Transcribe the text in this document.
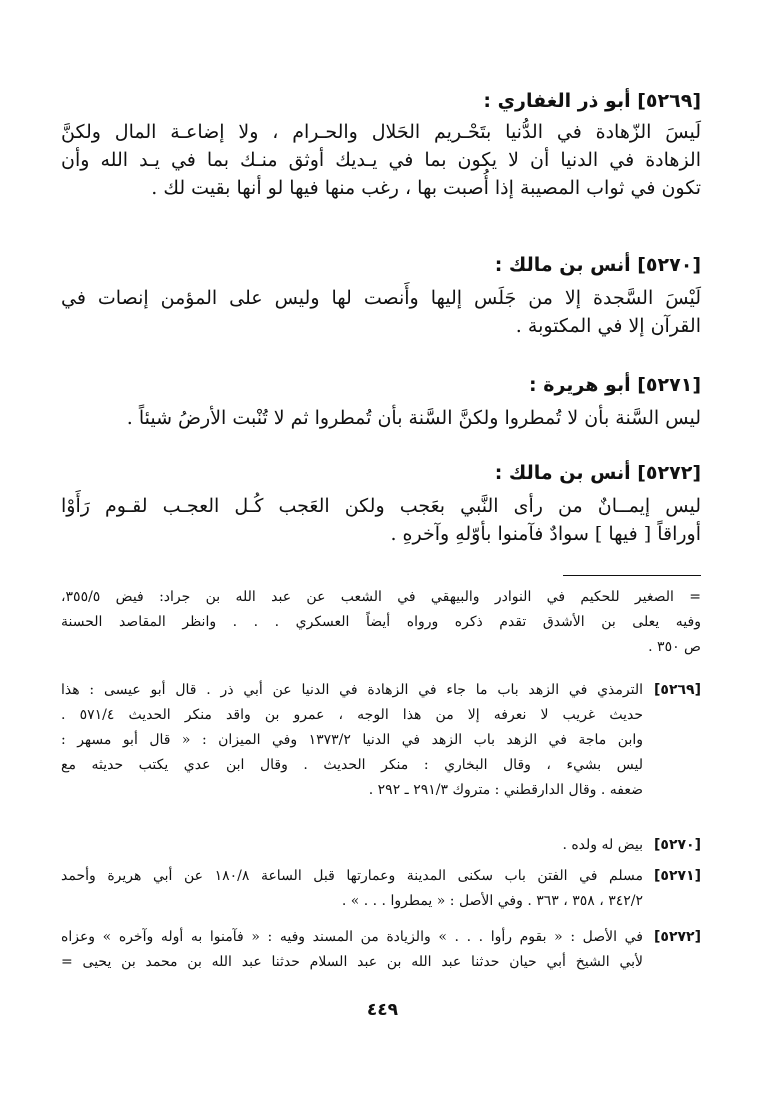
[٥٢٦٩] أبو ذر الغفاري :

لَيسَ الزّهادة في الدُّنيا بتَحْـريم الحَلال والحـرام ، ولا إضاعـة المال ولكنَّ

الزهادة في الدنيا أن لا يكون بما في يـديك أوثق منـك بما في يـد الله وأن

تكون في ثواب المصيبة إذا أُصبت بها ، رغب منها فيها لو أنها بقيت لك .

[٥٢٧٠] أنس بن مالك :

لَيْسَ السَّجدة إلا من جَلَس إليها وأَنصت لها وليس على المؤمن إنصات في

القرآن إلا في المكتوبة .

[٥٢٧١] أبو هريرة :

ليس السَّنة بأن لا تُمطروا ولكنَّ السَّنة بأن تُمطروا ثم لا تُنْبت الأرضُ شيئاً .

[٥٢٧٢] أنس بن مالك :

ليس إيمــانٌ من رأى النَّبي بعَجب ولكن العَجب كُـل العجـب لقـوم رَأَوْا

أوراقاً [ فيها ] سوادٌ فآمنوا بأوّلهِ وآخرهِ .

= الصغير للحكيم في النوادر والبيهقي في الشعب عن عبد الله بن جراد: فيض ٣٥٥/٥،

وفيه يعلى بن الأشدق تقدم ذكره ورواه أيضاً العسكري . . . وانظر المقاصد الحسنة

ص ٣٥٠ .

[٥٢٦٩]

الترمذي في الزهد باب ما جاء في الزهادة في الدنيا عن أبي ذر . قال أبو عيسى : هذا

حديث غريب لا نعرفه إلا من هذا الوجه ، عمرو بن واقد منكر الحديث ٥٧١/٤ .

وابن ماجة في الزهد باب الزهد في الدنيا ١٣٧٣/٢ وفي الميزان : « قال أبو مسهر :

ليس بشيء ، وقال البخاري : منكر الحديث . وقال ابن عدي يكتب حديثه مع

ضعفه . وقال الدارقطني : متروك ٢٩١/٣ ـ ٢٩٢ .

[٥٢٧٠]

بيض له ولده .

[٥٢٧١]

مسلم في الفتن باب سكنى المدينة وعمارتها قبل الساعة ١٨٠/٨ عن أبي هريرة وأحمد

٣٤٢/٢ ، ٣٥٨ ، ٣٦٣ . وفي الأصل : « يمطروا . . . » .

[٥٢٧٢]

في الأصل : « بقوم رأوا . . . » والزيادة من المسند وفيه : « فآمنوا به أوله وآخره » وعزاه

لأبي الشيخ أبي حيان حدثنا عبد الله بن عبد السلام حدثنا عبد الله بن محمد بن يحيى =

٤٤٩
